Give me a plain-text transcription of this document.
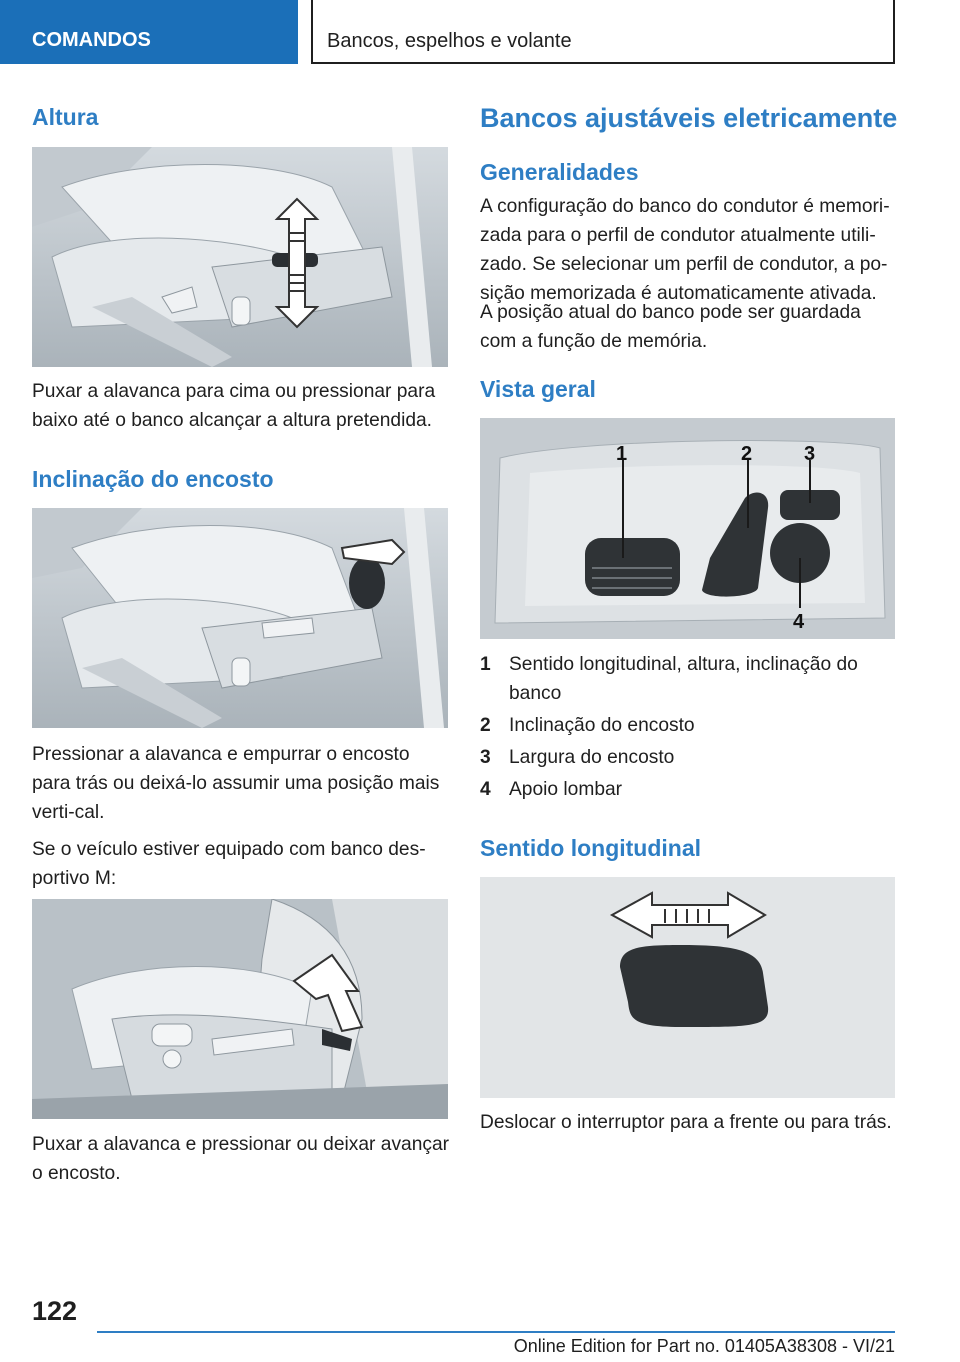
COMANDOS	Bancos, espelhos e volante
Altura

Puxar a alavanca para cima ou pressionar para baixo até o banco alcançar a altura pretendida.

Inclinação do encosto

Pressionar a alavanca e empurrar o encosto para trás ou deixá-lo assumir uma posição mais verti-cal.

Se o veículo estiver equipado com banco des-portivo M:

Puxar a alavanca e pressionar ou deixar avançar o encosto.

Bancos ajustáveis eletricamente
Generalidades

A configuração do banco do condutor é memori-zada para o perfil de condutor atualmente utili-zado. Se selecionar um perfil de condutor, a po-sição memorizada é automaticamente ativada.

A posição atual do banco pode ser guardada com a função de memória.

Vista geral
1	2	3
4
1 Sentido longitudinal, altura, inclinação do banco
2 Inclinação do encosto
3 Largura do encosto
4 Apoio lombar
Sentido longitudinal

Deslocar o interruptor para a frente ou para trás.

122
Online Edition for Part no. 01405A38308 - VI/21
